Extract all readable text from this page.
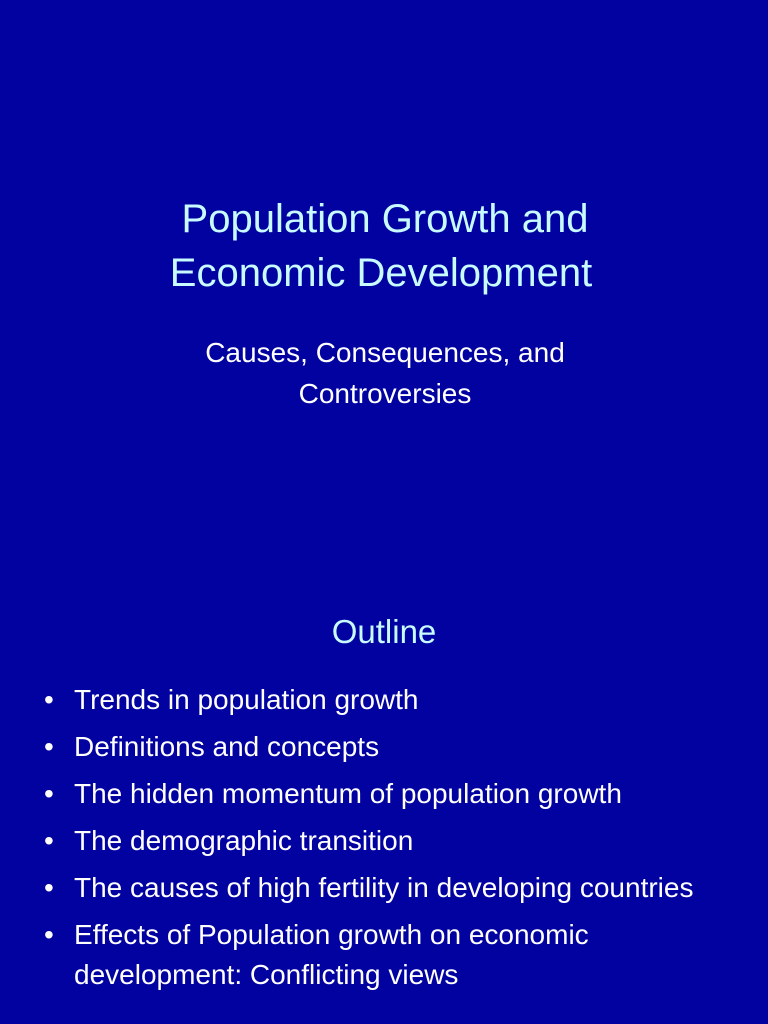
Population Growth and
Economic Development
Causes, Consequences, and
Controversies
Outline
• Trends in population growth
• Definitions and concepts
• The hidden momentum of population growth
• The demographic transition
• The causes of high fertility in developing countries
• Effects of Population growth on economic development: Conflicting views
